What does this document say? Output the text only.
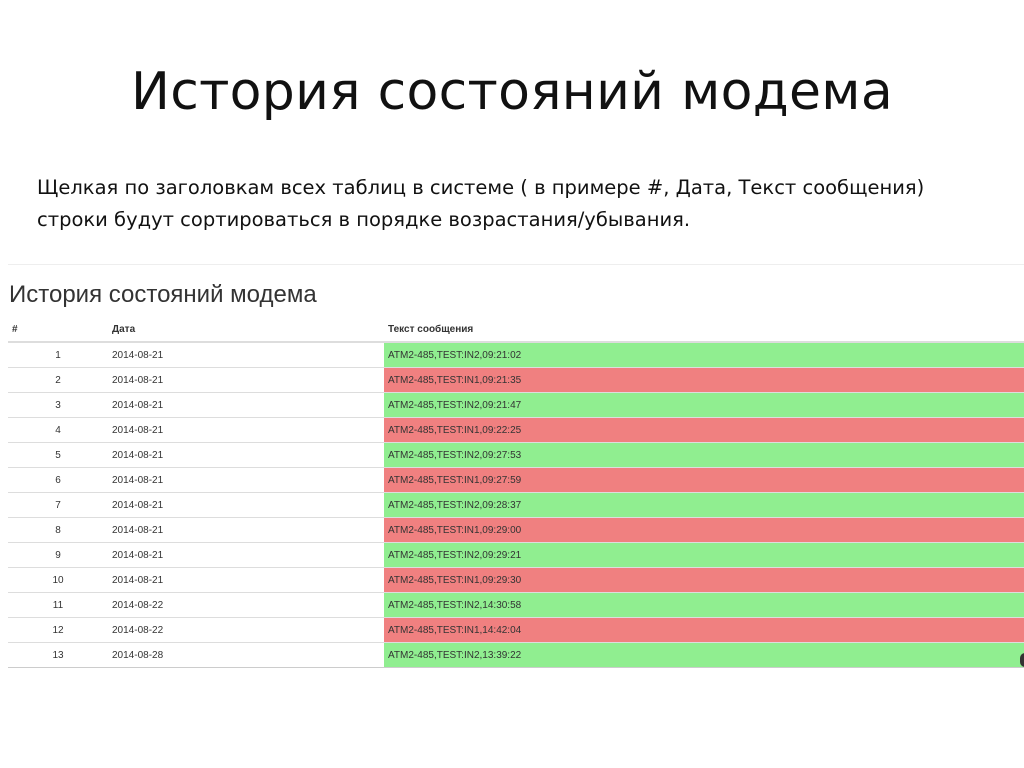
История состояний модема
Щелкая по заголовкам всех таблиц в системе ( в примере #, Дата, Текст сообщения)
строки будут сортироваться в порядке возрастания/убывания.
История состояний модема
#	Дата	Текст сообщения
1	2014-08-21	ATM2-485,TEST:IN2,09:21:02
2	2014-08-21	ATM2-485,TEST:IN1,09:21:35
3	2014-08-21	ATM2-485,TEST:IN2,09:21:47
4	2014-08-21	ATM2-485,TEST:IN1,09:22:25
5	2014-08-21	ATM2-485,TEST:IN2,09:27:53
6	2014-08-21	ATM2-485,TEST:IN1,09:27:59
7	2014-08-21	ATM2-485,TEST:IN2,09:28:37
8	2014-08-21	ATM2-485,TEST:IN1,09:29:00
9	2014-08-21	ATM2-485,TEST:IN2,09:29:21
10	2014-08-21	ATM2-485,TEST:IN1,09:29:30
11	2014-08-22	ATM2-485,TEST:IN2,14:30:58
12	2014-08-22	ATM2-485,TEST:IN1,14:42:04
13	2014-08-28	ATM2-485,TEST:IN2,13:39:22
